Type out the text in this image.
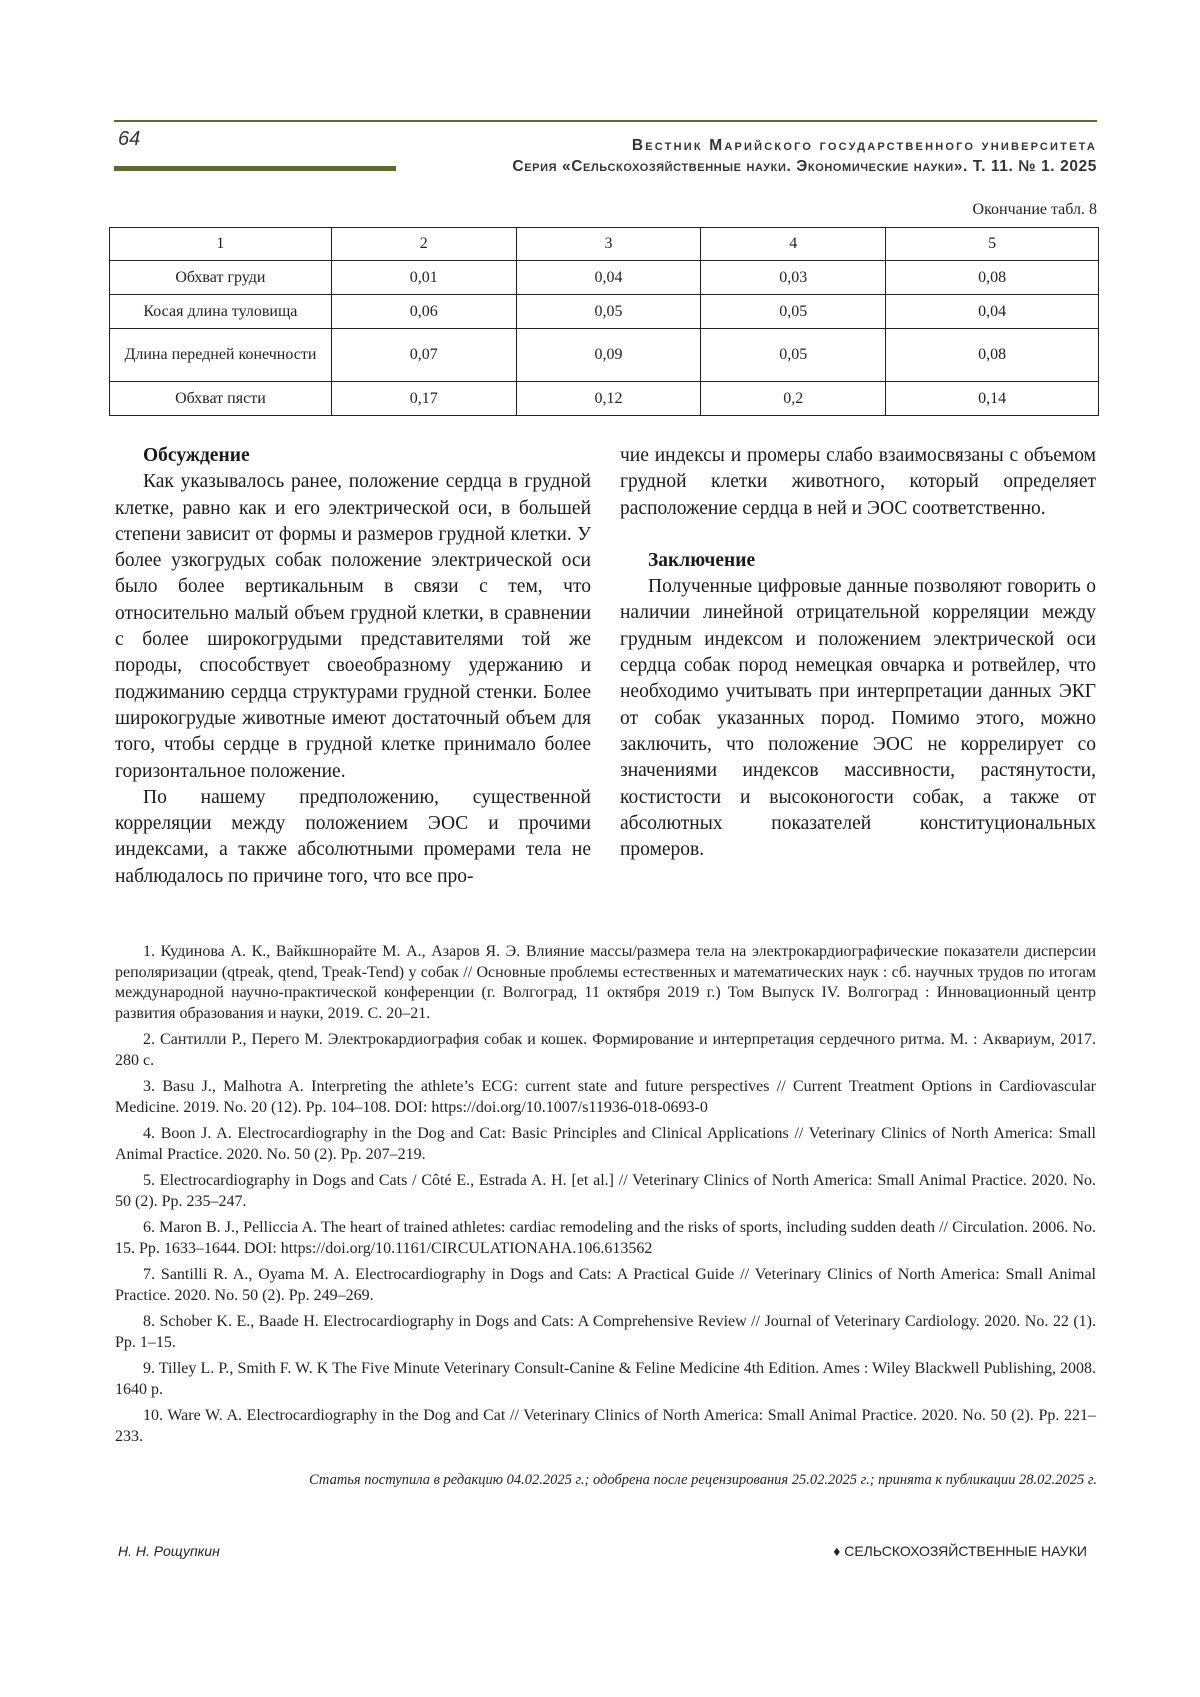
64	Вестник Марийского государственного университета
Серия «Сельскохозяйственные науки. Экономические науки». Т. 11. № 1. 2025
Окончание табл. 8
1	2	3	4	5
Обхват груди	0,01	0,04	0,03	0,08
Косая длина туловища	0,06	0,05	0,05	0,04
Длина передней конечности	0,07	0,09	0,05	0,08
Обхват пясти	0,17	0,12	0,2	0,14
Обсуждение

Как указывалось ранее, положение сердца в грудной клетке, равно как и его электрической оси, в большей степени зависит от формы и размеров грудной клетки. У более узкогрудых собак положение электрической оси было более вертикальным в связи с тем, что относительно малый объем грудной клетки, в сравнении с более широкогрудыми представителями той же породы, способствует своеобразному удержанию и поджиманию сердца структурами грудной стенки. Более широкогрудые животные имеют достаточный объем для того, чтобы сердце в грудной клетке принимало более горизонтальное положение.

По нашему предположению, существенной корреляции между положением ЭОС и прочими индексами, а также абсолютными промерами тела не наблюдалось по причине того, что все про-

чие индексы и промеры слабо взаимосвязаны с объемом грудной клетки животного, который определяет расположение сердца в ней и ЭОС соответственно.

Заключение

Полученные цифровые данные позволяют говорить о наличии линейной отрицательной корреляции между грудным индексом и положением электрической оси сердца собак пород немецкая овчарка и ротвейлер, что необходимо учитывать при интерпретации данных ЭКГ от собак указанных пород. Помимо этого, можно заключить, что положение ЭОС не коррелирует со значениями индексов массивности, растянутости, костистости и высоконогости собак, а также от абсолютных показателей конституциональных промеров.

1. Кудинова А. К., Вайкшнорайте М. А., Азаров Я. Э. Влияние массы/размера тела на электрокардиографические показатели дисперсии реполяризации (qtpeak, qtend, Tpeak-Tend) у собак // Основные проблемы естественных и математических наук : сб. научных трудов по итогам международной научно-практической конференции (г. Волгоград, 11 октября 2019 г.) Том Выпуск IV. Волгоград : Инновационный центр развития образования и науки, 2019. С. 20–21.

2. Сантилли Р., Перего М. Электрокардиография собак и кошек. Формирование и интерпретация сердечного ритма. М. : Аквариум, 2017. 280 с.

3. Basu J., Malhotra A. Interpreting the athlete’s ECG: current state and future perspectives // Current Treatment Options in Cardiovascular Medicine. 2019. No. 20 (12). Pp. 104–108. DOI: https://doi.org/10.1007/s11936-018-0693-0

4. Boon J. A. Electrocardiography in the Dog and Cat: Basic Principles and Clinical Applications // Veterinary Clinics of North America: Small Animal Practice. 2020. No. 50 (2). Pp. 207–219.

5. Electrocardiography in Dogs and Cats / Côté E., Estrada A. H. [et al.] // Veterinary Clinics of North America: Small Animal Practice. 2020. No. 50 (2). Pp. 235–247.

6. Maron B. J., Pelliccia A. The heart of trained athletes: cardiac remodeling and the risks of sports, including sudden death // Circulation. 2006. No. 15. Pp. 1633–1644. DOI: https://doi.org/10.1161/CIRCULATIONAHA.106.613562

7. Santilli R. A., Oyama M. A. Electrocardiography in Dogs and Cats: A Practical Guide // Veterinary Clinics of North America: Small Animal Practice. 2020. No. 50 (2). Pp. 249–269.

8. Schober K. E., Baade H. Electrocardiography in Dogs and Cats: A Comprehensive Review // Journal of Veterinary Cardiology. 2020. No. 22 (1). Pp. 1–15.

9. Tilley L. P., Smith F. W. K The Five Minute Veterinary Consult-Canine & Feline Medicine 4th Edition. Ames : Wiley Blackwell Publishing, 2008. 1640 p.

10. Ware W. A. Electrocardiography in the Dog and Cat // Veterinary Clinics of North America: Small Animal Practice. 2020. No. 50 (2). Pp. 221–233.

Статья поступила в редакцию 04.02.2025 г.; одобрена после рецензирования 25.02.2025 г.; принята к публикации 28.02.2025 г.
Н. Н. Рощупкин	♦ СЕЛЬСКОХОЗЯЙСТВЕННЫЕ НАУКИ
